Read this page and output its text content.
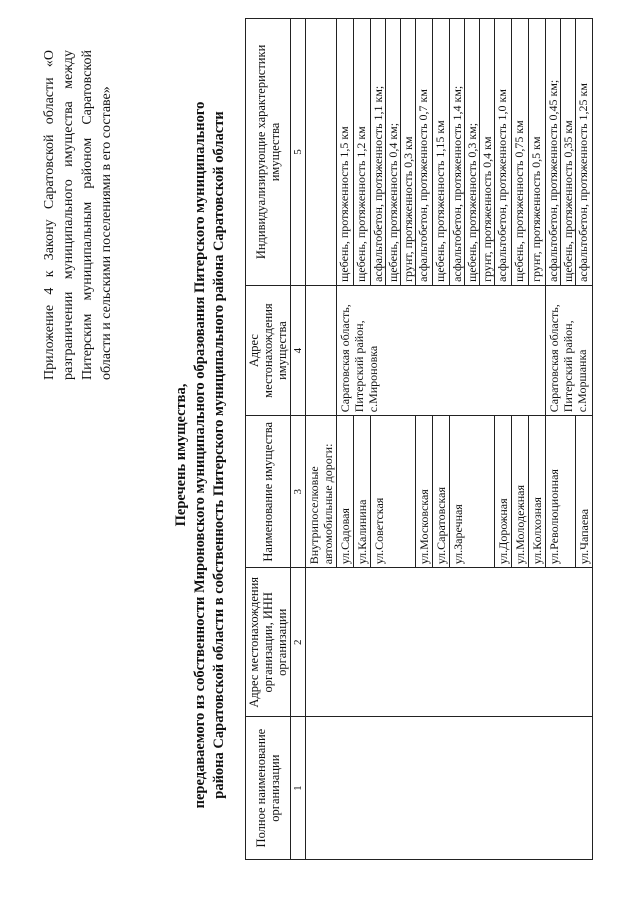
Приложение 4 к Закону Саратовской области «О разграничении муниципального имущества между Питерским муниципальным районом Саратовской области и сельскими поселениями в его составе»
Перечень имущества, передаваемого из собственности Мироновского муниципального образования Питерского муниципального района Саратовской области в собственность Питерского муниципального района Саратовской области Полное наименование организации	Адрес местонахождения организации, ИНН организации	Наименование имущества	Адрес местонахождения имущества	Индивидуализирующие характеристики имущества
1	2	3	4	5
		Внутрипоселковые автомобильные дороги:		
		ул.Садовая	Саратовская область, Питерский район, с.Мироновка	щебень, протяженность 1,5 км

		ул.Калинина		щебень, протяженность 1,2 км

		ул.Советская		асфальтобетон, протяженность 1,1 км; щебень, протяженность 0,4 км; грунт, протяженность 0,3 км

		ул.Московская		асфальтобетон, протяженность 0,7 км

		ул.Саратовская		щебень, протяженность 1,15 км

		ул.Заречная		асфальтобетон, протяженность 1,4 км; щебень, протяженность 0,3 км; грунт, протяженность 0,4 км

		ул.Дорожная		асфальтобетон, протяженность 1,0 км

		ул.Молодежная		щебень, протяженность 0,75 км

		ул.Колхозная		грунт, протяженность 0,5 км

		ул.Революционная	Саратовская область, Питерский район, с.Моршанка	асфальтобетон, протяженность 0,45 км; щебень, протяженность 0,35 км

		ул.Чапаева		асфальтобетон, протяженность 1,25 км
